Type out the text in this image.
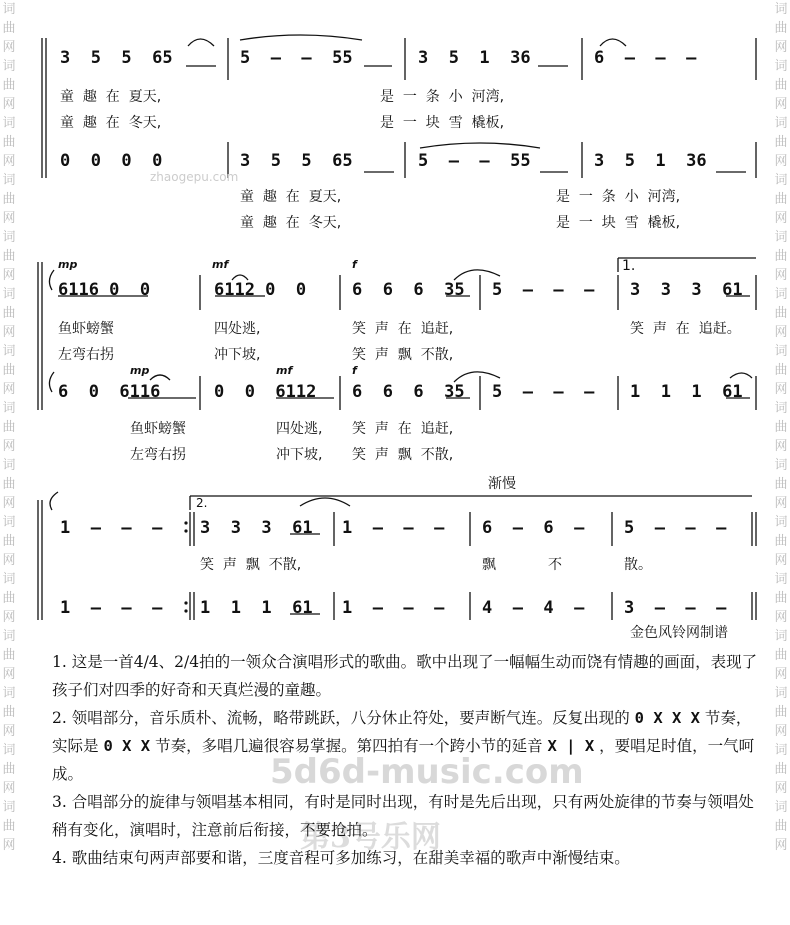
词曲网词曲网词曲网词曲网词曲网词曲网词曲网词曲网词曲网词曲网词曲网词曲网词曲网词曲网词曲网
词曲网词曲网词曲网词曲网词曲网词曲网词曲网词曲网词曲网词曲网词曲网词曲网词曲网词曲网词曲网
3  5  5  65	5  –  –  55	3  5  1  36	6  –  –  –
童  趣  在  夏天,	是  一  条  小  河湾,
童  趣  在  冬天,	是  一  块  雪  橇板,
0  0  0  0	3  5  5  65	5  –  –  55	3  5  1  36
zhaogepu.com
童  趣  在  夏天,	是  一  条  小  河湾,
童  趣  在  冬天,	是  一  块  雪  橇板,
mp	mf	f	1.
6116 0  0	6112 0  0	6  6  6  35 5  –  –  – 3  3  3  61
鱼虾螃蟹	四处逃,	笑  声  在  追赶,	笑  声  在  追赶。
左弯右拐	冲下坡,	笑  声  飘  不散,
mp	mf	f
6  0  6116	0  0  6112 6  6  6  35 5  –  –  – 1  1  1  61
鱼虾螃蟹	四处逃, 笑  声  在  追赶,
左弯右拐	冲下坡, 笑  声  飘  不散,
渐慢
2.
1  –  –  – 3  3  3  61 1  –  –  – 6  –  6  – 5  –  –  –
笑  声  飘  不散,	飘	不	散。
1  –  –  – 1  1  1  61 1  –  –  – 4  –  4  – 3  –  –  –
金色风铃网制谱
5d6d-music.com
第3号乐网

1. 这是一首4/4、2/4拍的一领众合演唱形式的歌曲。歌中出现了一幅幅生动而饶有情趣的画面，表现了孩子们对四季的好奇和天真烂漫的童趣。

2. 领唱部分，音乐质朴、流畅，略带跳跃，八分休止符处，要声断气连。反复出现的 0 X X X 节奏，实际是 0 X X 节奏，多唱几遍很容易掌握。第四拍有一个跨小节的延音 X | X ，要唱足时值，一气呵成。

3. 合唱部分的旋律与领唱基本相同，有时是同时出现，有时是先后出现，只有两处旋律的节奏与领唱处稍有变化，演唱时，注意前后衔接，不要抢拍。

4. 歌曲结束句两声部要和谐，三度音程可多加练习，在甜美幸福的歌声中渐慢结束。
